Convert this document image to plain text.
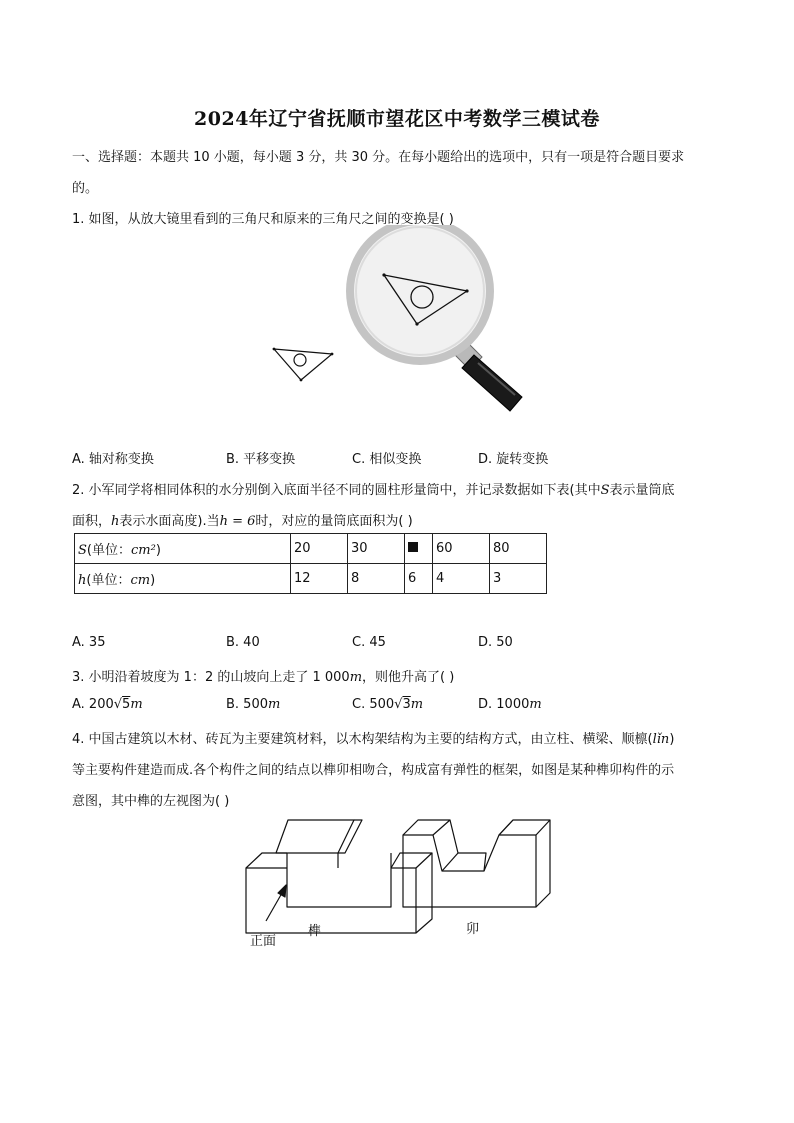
2024年辽宁省抚顺市望花区中考数学三模试卷
一、选择题：本题共 10 小题，每小题 3 分，共 30 分。在每小题给出的选项中，只有一项是符合题目要求
的。
1. 如图，从放大镜里看到的三角尺和原来的三角尺之间的变换是( )
A. 轴对称变换	B. 平移变换	C. 相似变换	D. 旋转变换
2. 小军同学将相同体积的水分别倒入底面半径不同的圆柱形量筒中，并记录数据如下表(其中S表示量筒底
面积，h表示水面高度).当h = 6时，对应的量筒底面积为( )
S(单位：cm²)	20	30		60	80
h(单位：cm)	12	8	6	4	3
A. 35	B. 40	C. 45	D. 50
3. 小明沿着坡度为 1：2 的山坡向上走了 1 000m，则他升高了( )
A. 200√5m	B. 500m	C. 500√3m	D. 1000m
4. 中国古建筑以木材、砖瓦为主要建筑材料，以木构架结构为主要的结构方式，由立柱、横梁、顺檩(lǐn)
等主要构件建造而成.各个构件之间的结点以榫卯相吻合，构成富有弹性的框架，如图是某种榫卯构件的示
意图，其中榫的左视图为( )
正面
榫	卯
